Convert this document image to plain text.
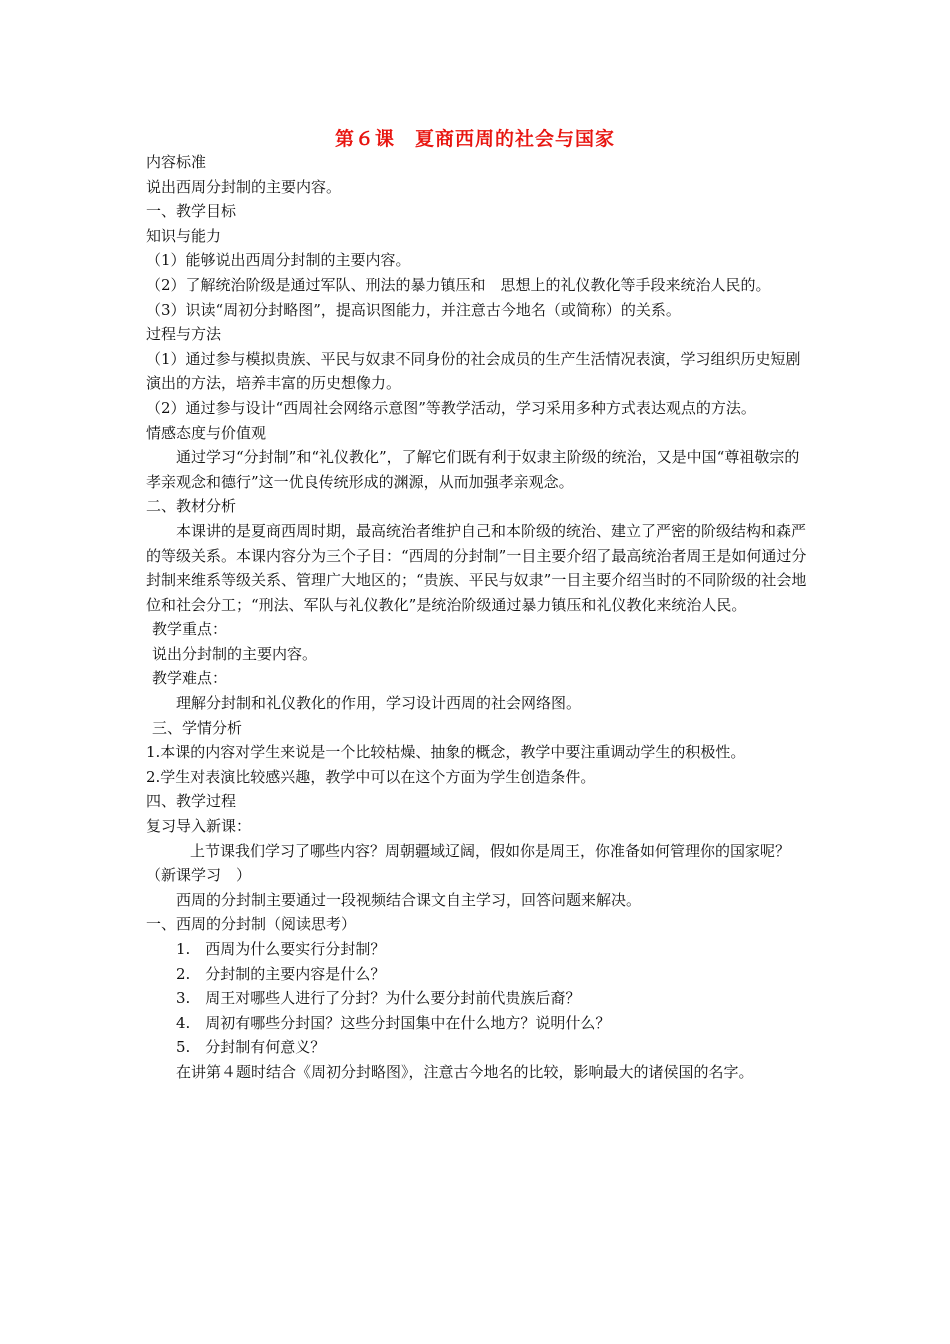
第６课　夏商西周的社会与国家

内容标准

说出西周分封制的主要内容。

一、教学目标

知识与能力

（1）能够说出西周分封制的主要内容。

（2）了解统治阶级是通过军队、刑法的暴力镇压和　思想上的礼仪教化等手段来统治人民的。

（3）识读“周初分封略图”，提高识图能力，并注意古今地名（或简称）的关系。

过程与方法

（1）通过参与模拟贵族、平民与奴隶不同身份的社会成员的生产生活情况表演，学习组织历史短剧演出的方法，培养丰富的历史想像力。

（2）通过参与设计“西周社会网络示意图”等教学活动，学习采用多种方式表达观点的方法。

情感态度与价值观

通过学习“分封制”和“礼仪教化”，了解它们既有利于奴隶主阶级的统治，又是中国“尊祖敬宗的孝亲观念和德行”这一优良传统形成的渊源，从而加强孝亲观念。

二、教材分析

本课讲的是夏商西周时期，最高统治者维护自己和本阶级的统治、建立了严密的阶级结构和森严的等级关系。本课内容分为三个子目：“西周的分封制”一目主要介绍了最高统治者周王是如何通过分封制来维系等级关系、管理广大地区的；“贵族、平民与奴隶”一目主要介绍当时的不同阶级的社会地位和社会分工；“刑法、军队与礼仪教化”是统治阶级通过暴力镇压和礼仪教化来统治人民。

教学重点：

说出分封制的主要内容。

教学难点：

理解分封制和礼仪教化的作用，学习设计西周的社会网络图。

三、学情分析

1.本课的内容对学生来说是一个比较枯燥、抽象的概念，教学中要注重调动学生的积极性。

2.学生对表演比较感兴趣，教学中可以在这个方面为学生创造条件。

四、教学过程

复习导入新课：

上节课我们学习了哪些内容？周朝疆域辽阔，假如你是周王，你准备如何管理你的国家呢？

（新课学习　）

西周的分封制主要通过一段视频结合课文自主学习，回答问题来解决。

一、西周的分封制（阅读思考）

1.　西周为什么要实行分封制？

2.　分封制的主要内容是什么？

3.　周王对哪些人进行了分封？为什么要分封前代贵族后裔？

4.　周初有哪些分封国？这些分封国集中在什么地方？说明什么？

5.　分封制有何意义？

在讲第４题时结合《周初分封略图》，注意古今地名的比较，影响最大的诸侯国的名字。
